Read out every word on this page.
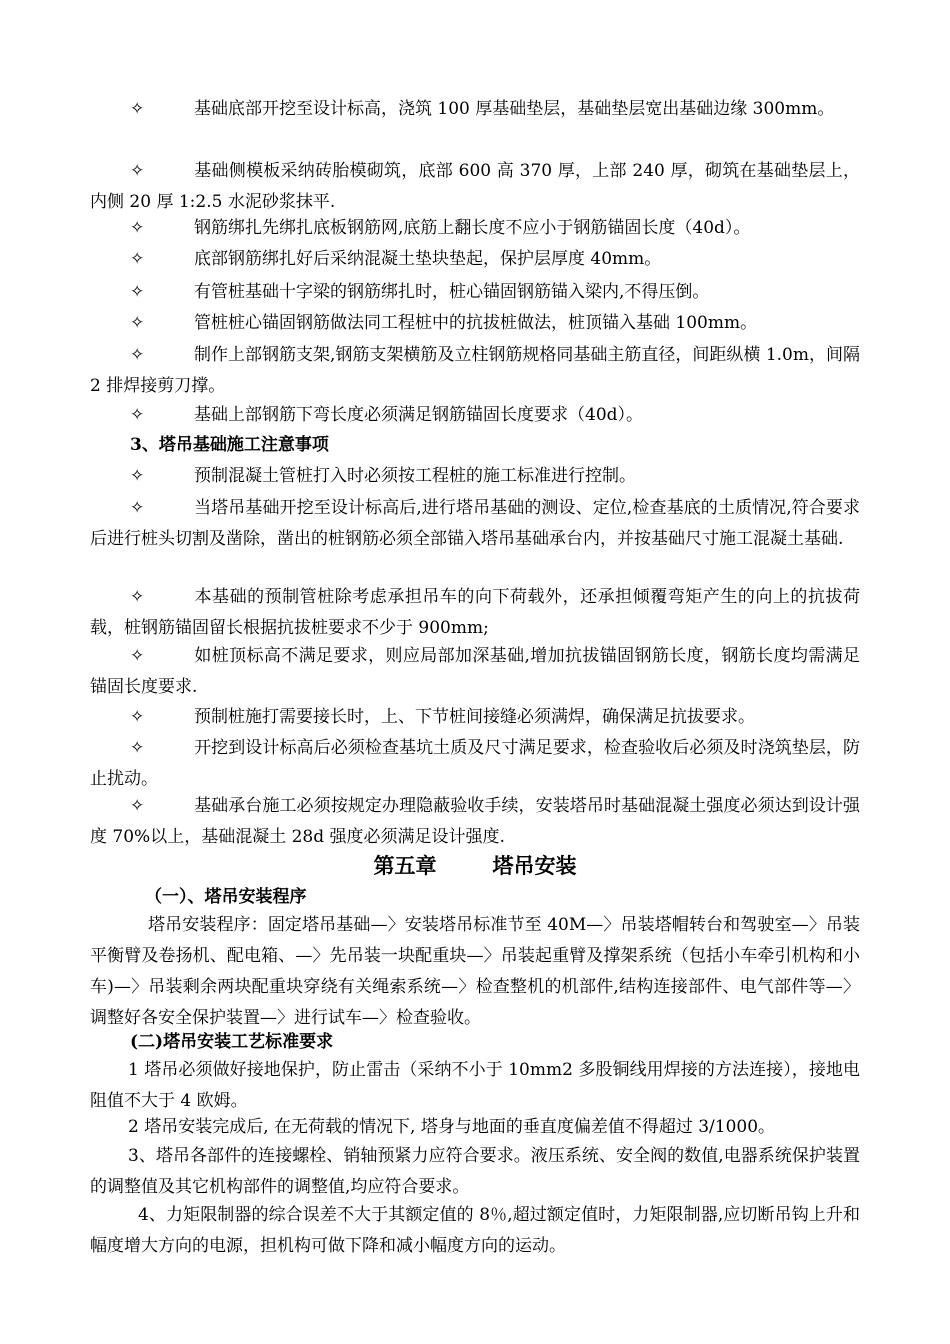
✧	基础底部开挖至设计标高，浇筑 100 厚基础垫层，基础垫层宽出基础边缘 300mm。

✧	基础侧模板采纳砖胎模砌筑，底部 600 高 370 厚，上部 240 厚，砌筑在基础垫层上，内侧 20 厚 1:2.5 水泥砂浆抹平.

✧	钢筋绑扎先绑扎底板钢筋网,底筋上翻长度不应小于钢筋锚固长度（40d）。

✧	底部钢筋绑扎好后采纳混凝土垫块垫起，保护层厚度 40mm。

✧	有管桩基础十字梁的钢筋绑扎时，桩心锚固钢筋锚入梁内,不得压倒。

✧	管桩桩心锚固钢筋做法同工程桩中的抗拔桩做法，桩顶锚入基础 100mm。

✧	制作上部钢筋支架,钢筋支架横筋及立柱钢筋规格同基础主筋直径，间距纵横 1.0m，间隔 2 排焊接剪刀撑。

✧	基础上部钢筋下弯长度必须满足钢筋锚固长度要求（40d）。

3、塔吊基础施工注意事项

✧	预制混凝土管桩打入时必须按工程桩的施工标准进行控制。

✧	当塔吊基础开挖至设计标高后,进行塔吊基础的测设、定位,检查基底的土质情况,符合要求后进行桩头切割及凿除，凿出的桩钢筋必须全部锚入塔吊基础承台内，并按基础尺寸施工混凝土基础.

✧	本基础的预制管桩除考虑承担吊车的向下荷载外，还承担倾覆弯矩产生的向上的抗拔荷载，桩钢筋锚固留长根据抗拔桩要求不少于 900mm;

✧	如桩顶标高不满足要求，则应局部加深基础,增加抗拔锚固钢筋长度，钢筋长度均需满足锚固长度要求.

✧	预制桩施打需要接长时，上、下节桩间接缝必须满焊，确保满足抗拔要求。

✧	开挖到设计标高后必须检查基坑土质及尺寸满足要求，检查验收后必须及时浇筑垫层，防止扰动。

✧	基础承台施工必须按规定办理隐蔽验收手续，安装塔吊时基础混凝土强度必须达到设计强度 70%以上，基础混凝土 28d 强度必须满足设计强度.

第五章	塔吊安装

（一）、塔吊安装程序

塔吊安装程序：固定塔吊基础—〉安装塔吊标准节至 40M—〉吊装塔帽转台和驾驶室—〉吊装平衡臂及卷扬机、配电箱、—〉先吊装一块配重块—〉吊装起重臂及撑架系统（包括小车牵引机构和小车)—〉吊装剩余两块配重块穿绕有关绳索系统—〉检查整机的机部件,结构连接部件、电气部件等—〉调整好各安全保护装置—〉进行试车—〉检查验收。

(二)塔吊安装工艺标准要求

1 塔吊必须做好接地保护，防止雷击（采纳不小于 10mm2 多股铜线用焊接的方法连接），接地电阻值不大于 4 欧姆。

2 塔吊安装完成后, 在无荷载的情况下, 塔身与地面的垂直度偏差值不得超过 3/1000。

3、塔吊各部件的连接螺栓、销轴预紧力应符合要求。液压系统、安全阀的数值,电器系统保护装置的调整值及其它机构部件的调整值,均应符合要求。

4、力矩限制器的综合误差不大于其额定值的 8％,超过额定值时，力矩限制器,应切断吊钩上升和幅度增大方向的电源，担机构可做下降和减小幅度方向的运动。
